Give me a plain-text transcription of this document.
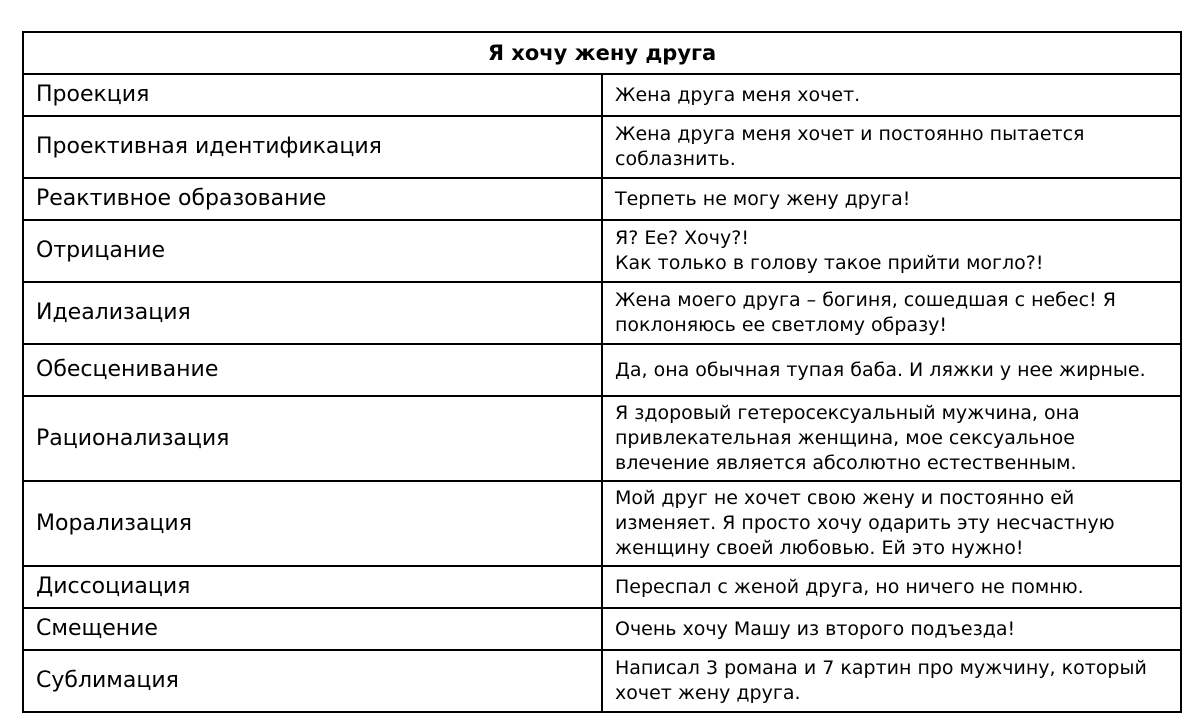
Я хочу жену друга	
Проекция	Жена друга меня хочет.
Проективная идентификация	Жена друга меня хочет и постоянно пытается
соблазнить.
Реактивное образование	Терпеть не могу жену друга!
Отрицание	Я? Ее? Хочу?!
Как только в голову такое прийти могло?!
Идеализация	Жена моего друга – богиня, сошедшая с небес! Я
поклоняюсь ее светлому образу!
Обесценивание	Да, она обычная тупая баба. И ляжки у нее жирные.
Рационализация	Я здоровый гетеросексуальный мужчина, она
привлекательная женщина, мое сексуальное
влечение является абсолютно естественным.
Морализация	Мой друг не хочет свою жену и постоянно ей
изменяет. Я просто хочу одарить эту несчастную
женщину своей любовью. Ей это нужно!
Диссоциация	Переспал с женой друга, но ничего не помню.
Смещение	Очень хочу Машу из второго подъезда!
Сублимация	Написал 3 романа и 7 картин про мужчину, который
хочет жену друга.
